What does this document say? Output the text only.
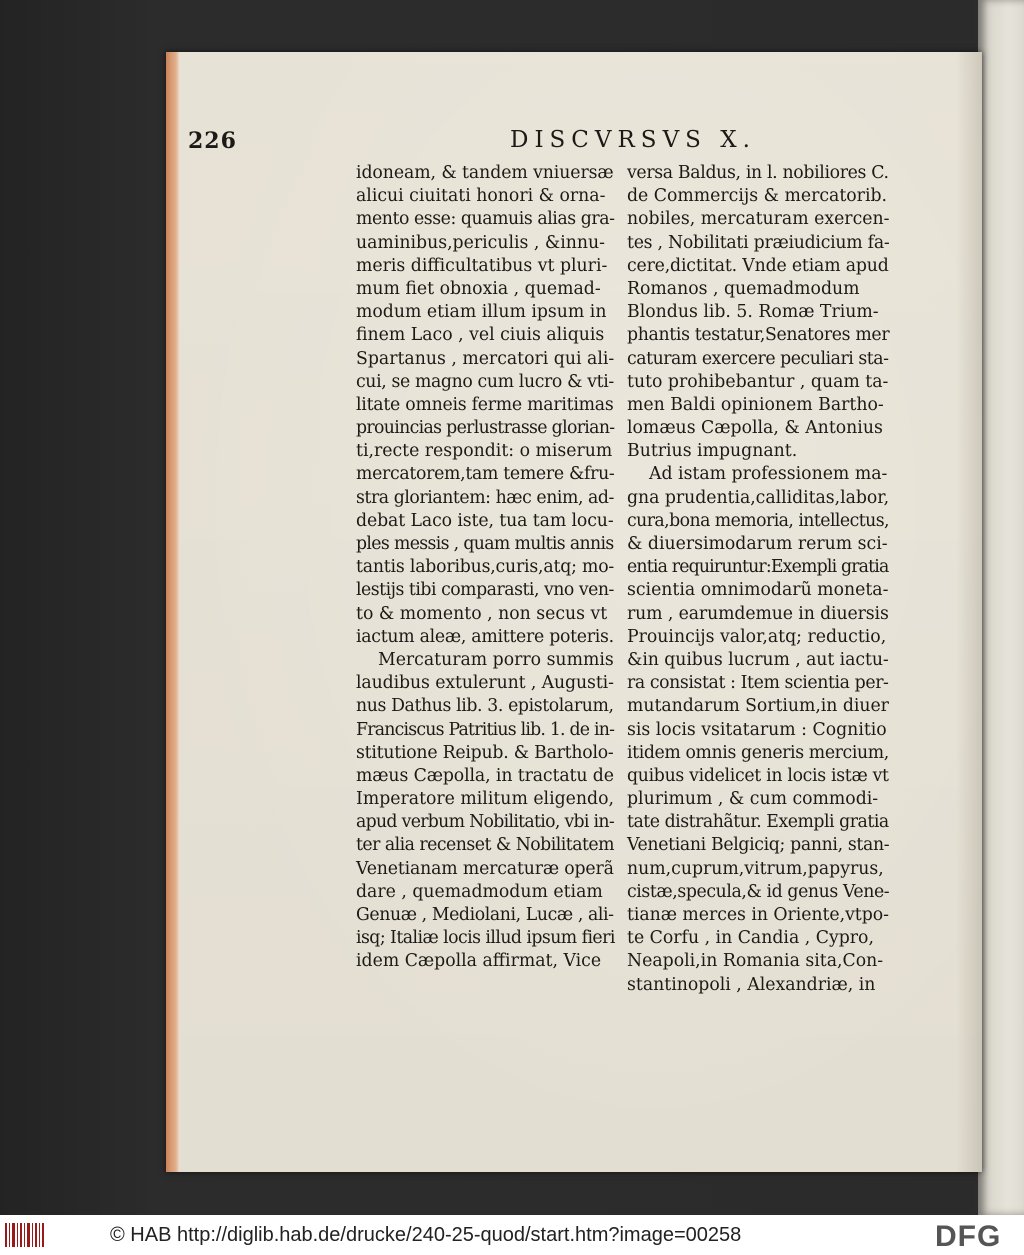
226	DISCVRSVS X.
idoneam, & tandem vniuersæ
alicui ciuitati honori & orna-
mento esse: quamuis alias gra-
uaminibus,periculis , &innu-
meris difficultatibus vt pluri-
mum fiet obnoxia , quemad-
modum etiam illum ipsum in
finem Laco , vel ciuis aliquis
Spartanus , mercatori qui ali-
cui, se magno cum lucro & vti-
litate omneis ferme maritimas
prouincias perlustrasse glorian-
ti,recte respondit: o miserum
mercatorem,tam temere &fru-
stra gloriantem: hæc enim, ad-
debat Laco iste, tua tam locu-
ples messis , quam multis annis
tantis laboribus,curis,atq; mo-
lestijs tibi comparasti, vno ven-
to & momento , non secus vt
iactum aleæ, amittere poteris.
Mercaturam porro summis
laudibus extulerunt , Augusti-
nus Dathus lib. 3. epistolarum,
Franciscus Patritius lib. 1. de in-
stitutione Reipub. & Bartholo-
mæus Cæpolla, in tractatu de
Imperatore militum eligendo,
apud verbum Nobilitatio, vbi in-
ter alia recenset & Nobilitatem
Venetianam mercaturæ operã
dare , quemadmodum etiam
Genuæ , Mediolani, Lucæ , ali-
isq; Italiæ locis illud ipsum fieri
idem Cæpolla affirmat, Vice
versa Baldus, in l. nobiliores C.
de Commercijs & mercatorib.
nobiles, mercaturam exercen-
tes , Nobilitati præiudicium fa-
cere,dictitat. Vnde etiam apud
Romanos , quemadmodum
Blondus lib. 5. Romæ Trium-
phantis testatur,Senatores mer
caturam exercere peculiari sta-
tuto prohibebantur , quam ta-
men Baldi opinionem Bartho-
lomæus Cæpolla, & Antonius
Butrius impugnant.
Ad istam professionem ma-
gna prudentia,calliditas,labor,
cura,bona memoria, intellectus,
& diuersimodarum rerum sci-
entia requiruntur:Exempli gratia
scientia omnimodarũ moneta-
rum , earumdemue in diuersis
Prouincijs valor,atq; reductio,
&in quibus lucrum , aut iactu-
ra consistat : Item scientia per-
mutandarum Sortium,in diuer
sis locis vsitatarum : Cognitio
itidem omnis generis mercium,
quibus videlicet in locis istæ vt
plurimum , & cum commodi-
tate distrahãtur. Exempli gratia
Venetiani Belgiciq; panni, stan-
num,cuprum,vitrum,papyrus,
cistæ,specula,& id genus Vene-
tianæ merces in Oriente,vtpo-
te Corfu , in Candia , Cypro,
Neapoli,in Romania sita,Con-
stantinopoli , Alexandriæ, in
© HAB http://diglib.hab.de/drucke/240-25-quod/start.htm?image=00258	DFG
